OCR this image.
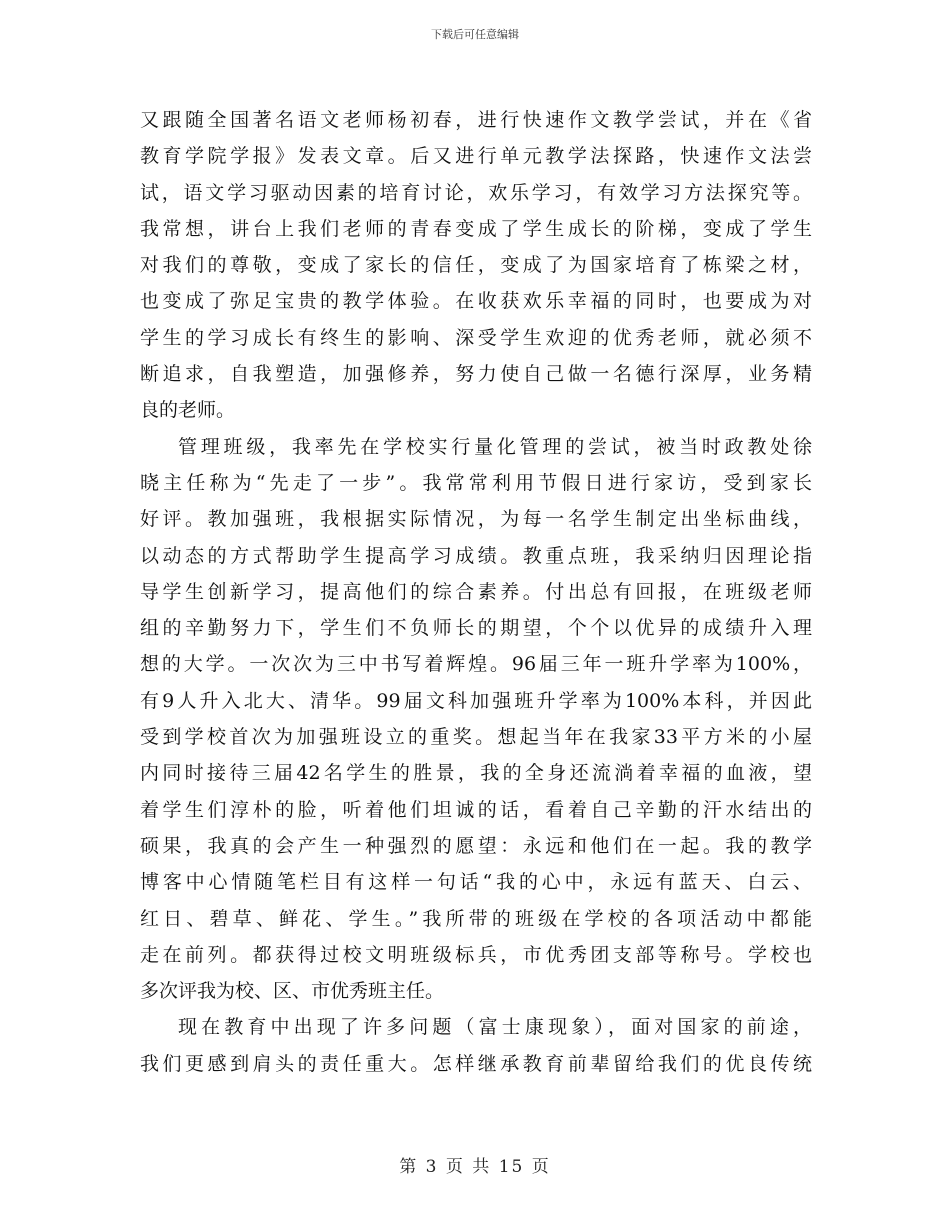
下载后可任意编辑
又跟随全国著名语文老师杨初春，进行快速作文教学尝试，并在《省
教育学院学报》发表文章。后又进行单元教学法探路，快速作文法尝
试，语文学习驱动因素的培育讨论，欢乐学习，有效学习方法探究等。
我常想，讲台上我们老师的青春变成了学生成长的阶梯，变成了学生
对我们的尊敬，变成了家长的信任，变成了为国家培育了栋梁之材，
也变成了弥足宝贵的教学体验。在收获欢乐幸福的同时，也要成为对
学生的学习成长有终生的影响、深受学生欢迎的优秀老师，就必须不
断追求，自我塑造，加强修养，努力使自己做一名德行深厚，业务精
良的老师。
管理班级，我率先在学校实行量化管理的尝试，被当时政教处徐
晓主任称为“先走了一步”。我常常利用节假日进行家访，受到家长
好评。教加强班，我根据实际情况，为每一名学生制定出坐标曲线，
以动态的方式帮助学生提高学习成绩。教重点班，我采纳归因理论指
导学生创新学习，提高他们的综合素养。付出总有回报，在班级老师
组的辛勤努力下，学生们不负师长的期望，个个以优异的成绩升入理
想的大学。一次次为三中书写着辉煌。96届三年一班升学率为100%，
有9人升入北大、清华。99届文科加强班升学率为100%本科，并因此
受到学校首次为加强班设立的重奖。想起当年在我家33平方米的小屋
内同时接待三届42名学生的胜景，我的全身还流淌着幸福的血液，望
着学生们淳朴的脸，听着他们坦诚的话，看着自己辛勤的汗水结出的
硕果，我真的会产生一种强烈的愿望：永远和他们在一起。我的教学
博客中心情随笔栏目有这样一句话“我的心中，永远有蓝天、白云、
红日、碧草、鲜花、学生。”我所带的班级在学校的各项活动中都能
走在前列。都获得过校文明班级标兵，市优秀团支部等称号。学校也
多次评我为校、区、市优秀班主任。
现在教育中出现了许多问题（富士康现象），面对国家的前途，
我们更感到肩头的责任重大。怎样继承教育前辈留给我们的优良传统
第 3 页 共 15 页
